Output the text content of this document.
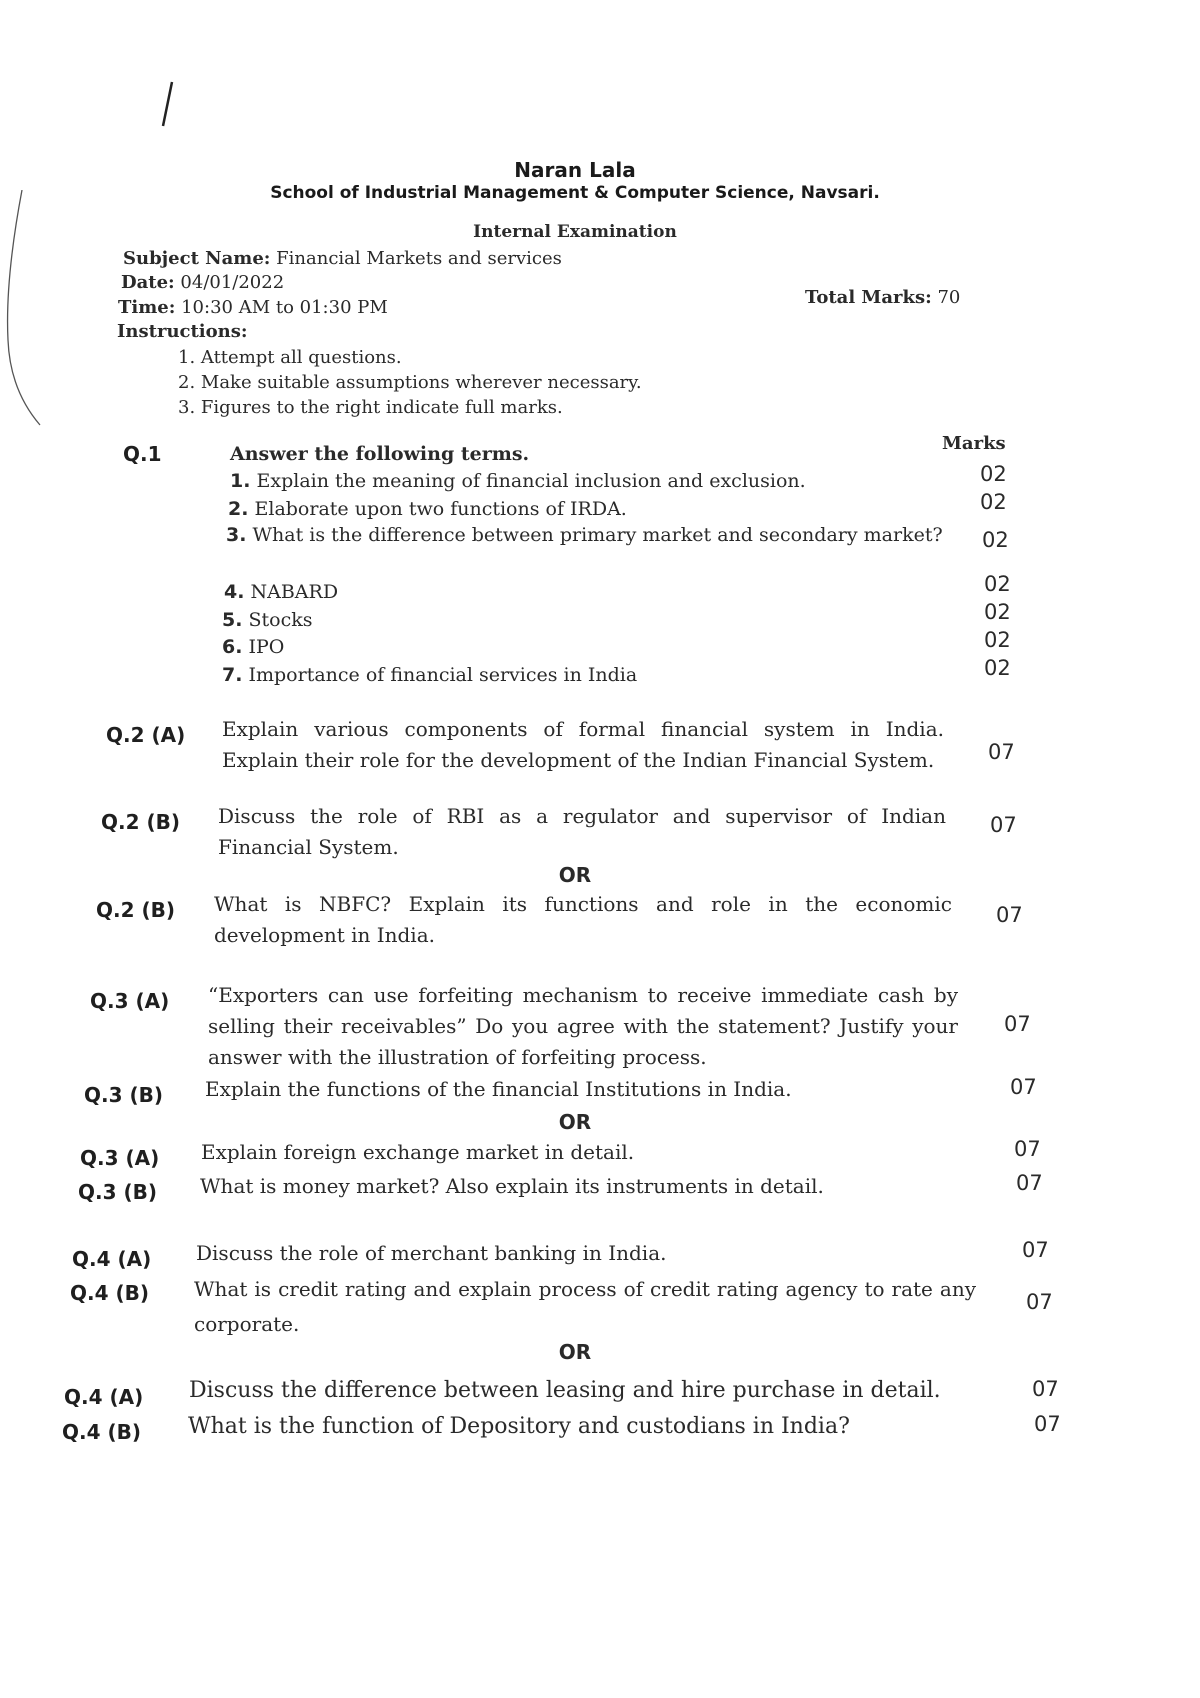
Naran Lala
School of Industrial Management & Computer Science, Navsari.
Internal Examination
Subject Name: Financial Markets and services
Date: 04/01/2022
Time: 10:30 AM to 01:30 PM	Total Marks: 70
Instructions:
1. Attempt all questions.
2. Make suitable assumptions wherever necessary.
3. Figures to the right indicate full marks.
Q.1	Answer the following terms.	Marks
1. Explain the meaning of financial inclusion and exclusion.	02
2. Elaborate upon two functions of IRDA.	02
3. What is the difference between primary market and secondary market?	02
4. NABARD	02
5. Stocks	02
6. IPO	02
7. Importance of financial services in India	02
Q.2 (A) Explain various components of formal financial system in India. Explain their role for the development of the Indian Financial System.	07
Q.2 (B) Discuss the role of RBI as a regulator and supervisor of Indian Financial System.
07
OR
Q.2 (B) What is NBFC? Explain its functions and role in the economic development in India.
07
Q.3 (A) “Exporters can use forfeiting mechanism to receive immediate cash by selling their receivables” Do you agree with the statement? Justify your answer with the illustration of forfeiting process.
07
Q.3 (B) Explain the functions of the financial Institutions in India.	07
OR
Q.3 (A) Explain foreign exchange market in detail.	07
Q.3 (B) What is money market? Also explain its instruments in detail.	07
Q.4 (A) Discuss the role of merchant banking in India.	07
Q.4 (B) What is credit rating and explain process of credit rating agency to rate any corporate.
07
OR
Q.4 (A) Discuss the difference between leasing and hire purchase in detail.	07
Q.4 (B) What is the function of Depository and custodians in India?	07
